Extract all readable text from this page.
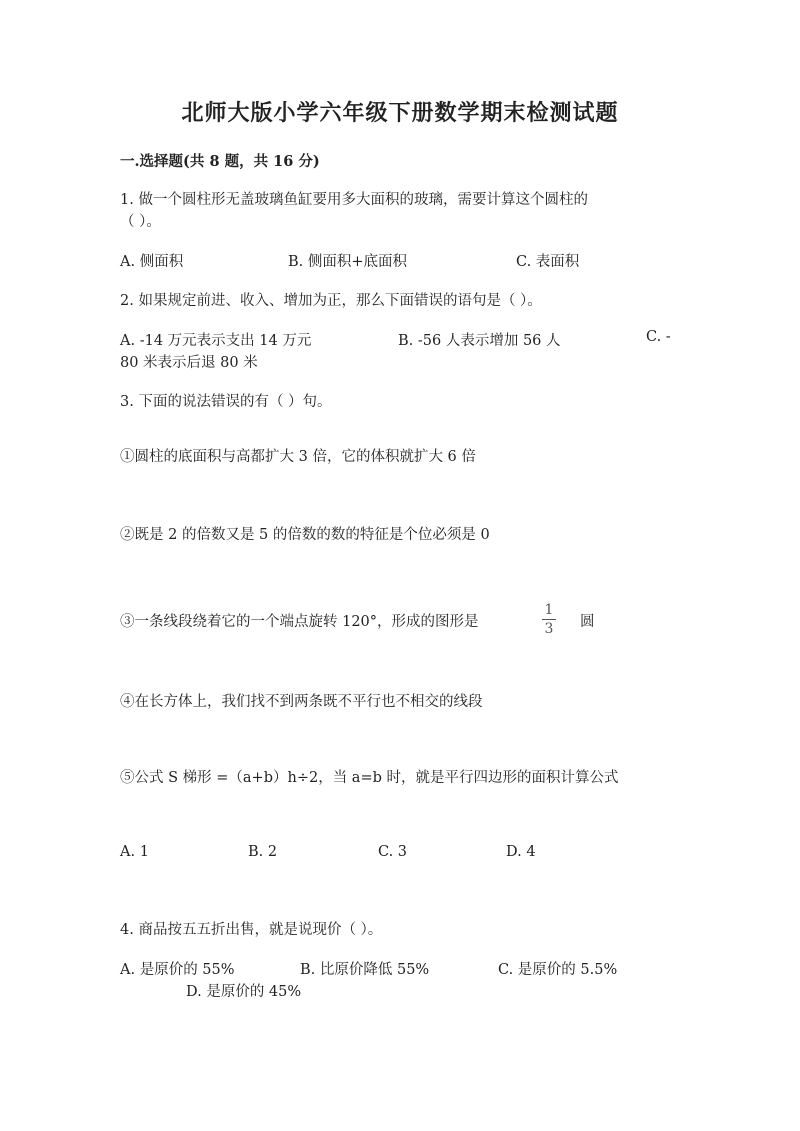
北师大版小学六年级下册数学期末检测试题
一.选择题(共 8 题，共 16 分)
1. 做一个圆柱形无盖玻璃鱼缸要用多大面积的玻璃，需要计算这个圆柱的
（ ）。
A. 侧面积	B. 侧面积+底面积	C. 表面积
2. 如果规定前进、收入、增加为正，那么下面错误的语句是（ ）。
A. -14 万元表示支出 14 万元	B. -56 人表示增加 56 人	C. -
80 米表示后退 80 米
3. 下面的说法错误的有（ ）句。
①圆柱的底面积与高都扩大 3 倍，它的体积就扩大 6 倍
②既是 2 的倍数又是 5 的倍数的数的特征是个位必须是 0
③一条线段绕着它的一个端点旋转 120°，形成的图形是
1
3 圆
④在长方体上，我们找不到两条既不平行也不相交的线段
⑤公式 S 梯形 =（a+b）h÷2，当 a=b 时，就是平行四边形的面积计算公式
A. 1	B. 2	C. 3	D. 4
4. 商品按五五折出售，就是说现价（ ）。
A. 是原价的 55%	B. 比原价降低 55%	C. 是原价的 5.5%
D. 是原价的 45%
